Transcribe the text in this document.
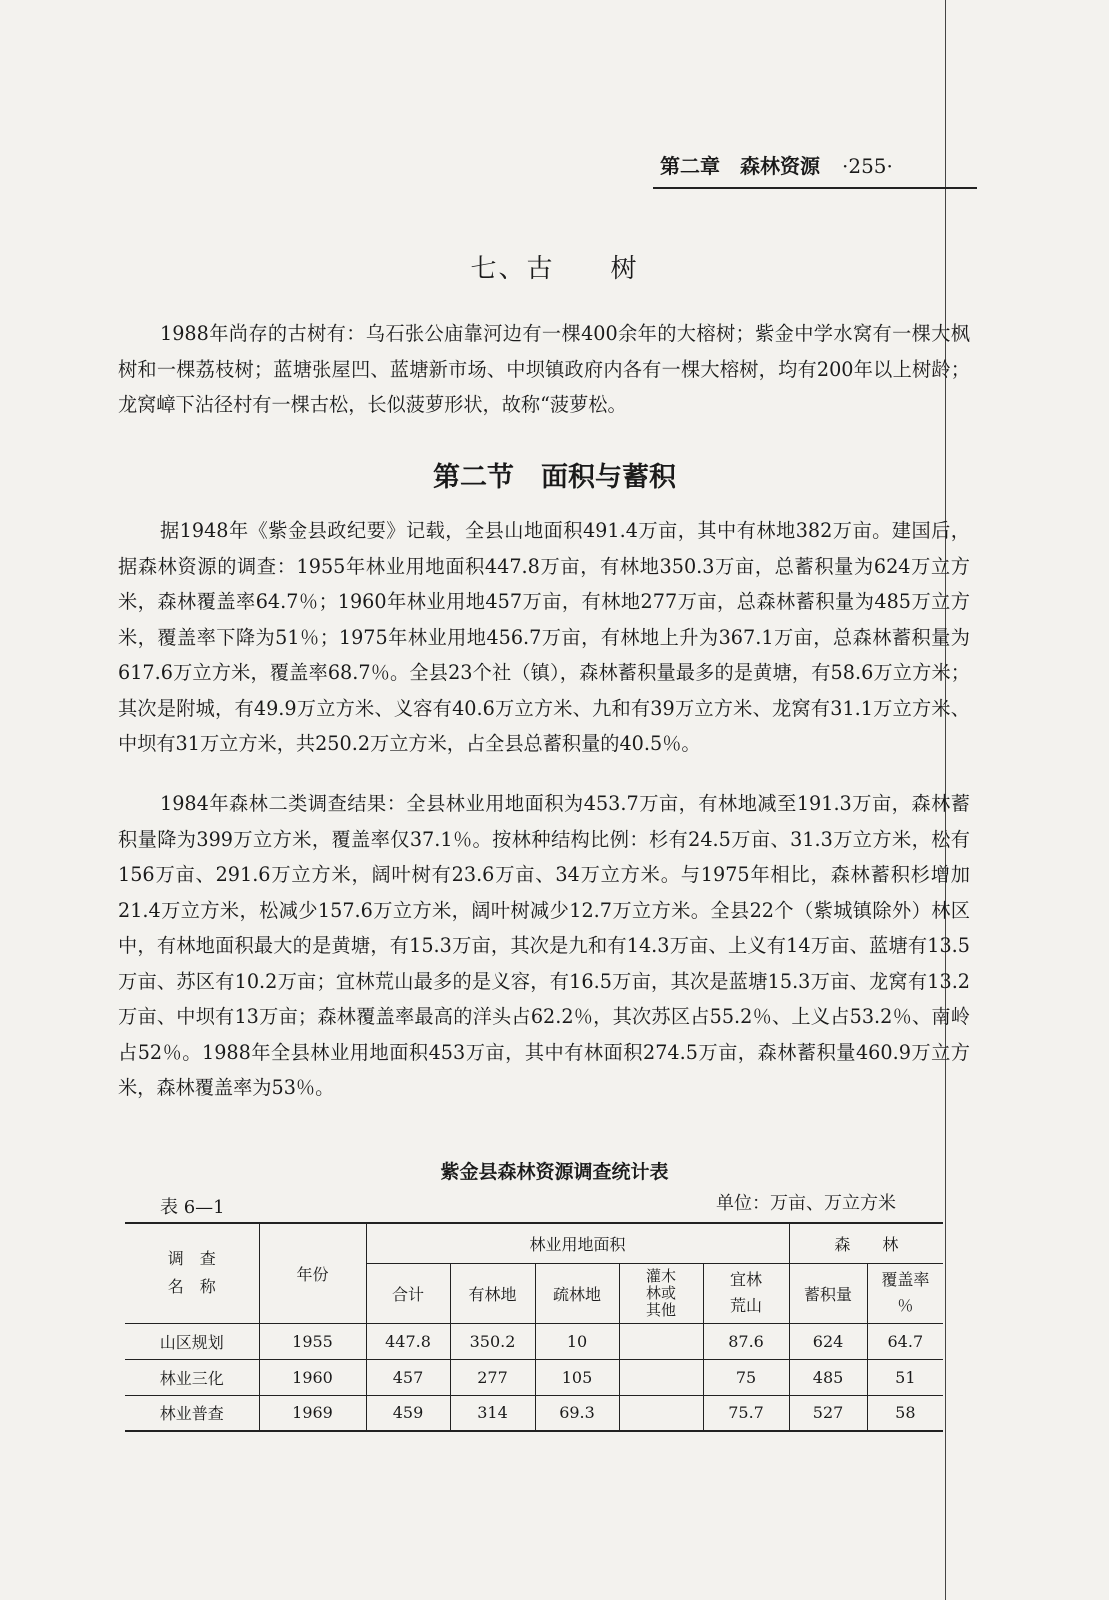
第二章　森林资源 ·255·
七、古　　树

1988年尚存的古树有：乌石张公庙靠河边有一棵400余年的大榕树；紫金中学水窝有一棵大枫树和一棵荔枝树；蓝塘张屋凹、蓝塘新市场、中坝镇政府内各有一棵大榕树，均有200年以上树龄；龙窝嶂下沾径村有一棵古松，长似菠萝形状，故称“菠萝松。

第二节　面积与蓄积

据1948年《紫金县政纪要》记载，全县山地面积491.4万亩，其中有林地382万亩。建国后，据森林资源的调查：1955年林业用地面积447.8万亩，有林地350.3万亩，总蓄积量为624万立方米，森林覆盖率64.7％；1960年林业用地457万亩，有林地277万亩，总森林蓄积量为485万立方米，覆盖率下降为51％；1975年林业用地456.7万亩，有林地上升为367.1万亩，总森林蓄积量为617.6万立方米，覆盖率68.7％。全县23个社（镇），森林蓄积量最多的是黄塘，有58.6万立方米；其次是附城，有49.9万立方米、义容有40.6万立方米、九和有39万立方米、龙窝有31.1万立方米、中坝有31万立方米，共250.2万立方米，占全县总蓄积量的40.5％。

1984年森林二类调查结果：全县林业用地面积为453.7万亩，有林地减至191.3万亩，森林蓄积量降为399万立方米，覆盖率仅37.1％。按林种结构比例：杉有24.5万亩、31.3万立方米，松有156万亩、291.6万立方米，阔叶树有23.6万亩、34万立方米。与1975年相比，森林蓄积杉增加21.4万立方米，松减少157.6万立方米，阔叶树减少12.7万立方米。全县22个（紫城镇除外）林区中，有林地面积最大的是黄塘，有15.3万亩，其次是九和有14.3万亩、上义有14万亩、蓝塘有13.5万亩、苏区有10.2万亩；宜林荒山最多的是义容，有16.5万亩，其次是蓝塘15.3万亩、龙窝有13.2万亩、中坝有13万亩；森林覆盖率最高的洋头占62.2％，其次苏区占55.2％、上义占53.2％、南岭占52％。1988年全县林业用地面积453万亩，其中有林面积274.5万亩，森林蓄积量460.9万立方米，森林覆盖率为53％。

紫金县森林资源调查统计表
表 6—1	单位：万亩、万立方米
调　查
名　称	年份	林业用地面积					森　　林	
		合计	有林地	疏林地	灌木
林或
其他	宜林
荒山	蓄积量	覆盖率
％
山区规划	1955	447.8	350.2	10		87.6	624	64.7
林业三化	1960	457	277	105		75	485	51
林业普查	1969	459	314	69.3		75.7	527	58
